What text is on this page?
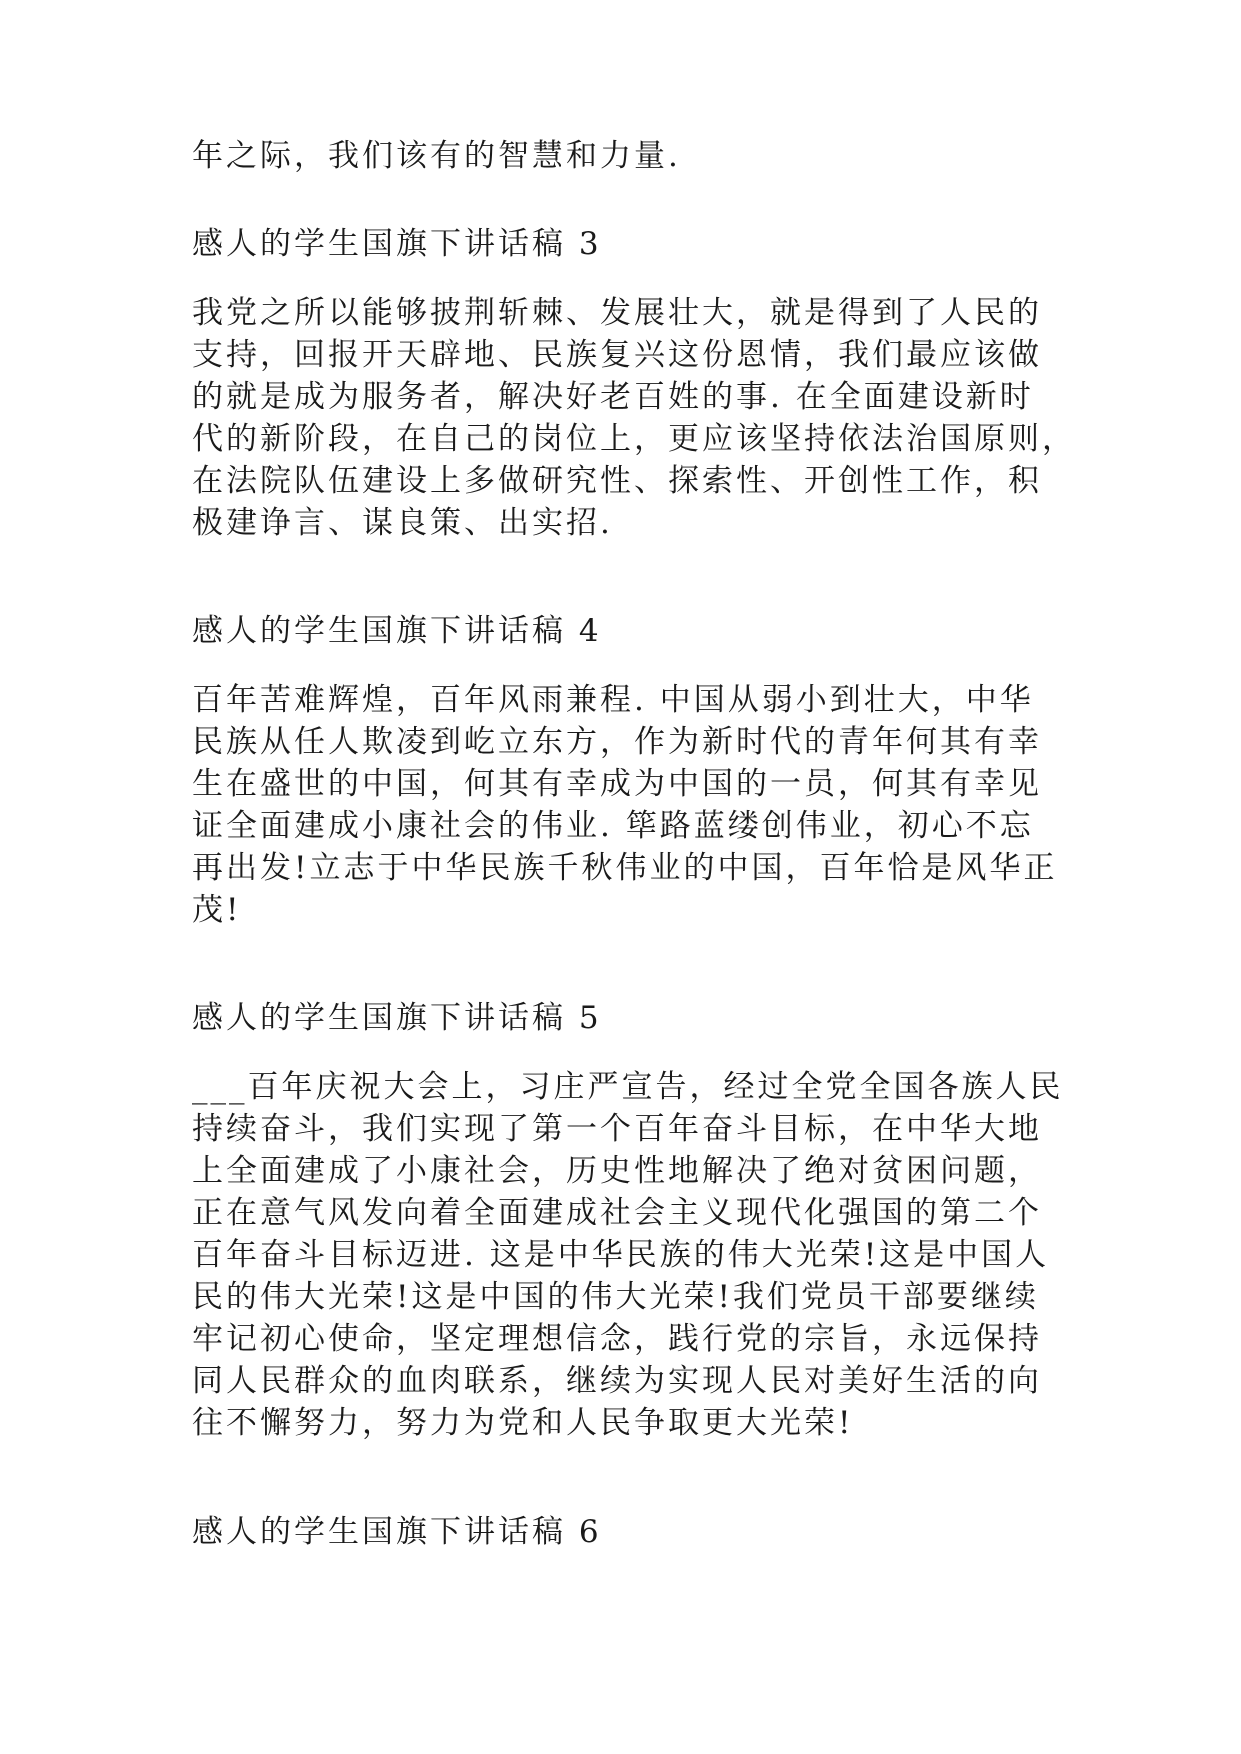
年之际，我们该有的智慧和力量.
感人的学生国旗下讲话稿 3
我党之所以能够披荆斩棘、发展壮大，就是得到了人民的
支持，回报开天辟地、民族复兴这份恩情，我们最应该做
的就是成为服务者，解决好老百姓的事. 在全面建设新时
代的新阶段，在自己的岗位上，更应该坚持依法治国原则，
在法院队伍建设上多做研究性、探索性、开创性工作，积
极建诤言、谋良策、出实招.
感人的学生国旗下讲话稿 4
百年苦难辉煌，百年风雨兼程. 中国从弱小到壮大，中华
民族从任人欺凌到屹立东方，作为新时代的青年何其有幸
生在盛世的中国，何其有幸成为中国的一员，何其有幸见
证全面建成小康社会的伟业. 筚路蓝缕创伟业，初心不忘
再出发!立志于中华民族千秋伟业的中国，百年恰是风华正
茂!
感人的学生国旗下讲话稿 5
___百年庆祝大会上，习庄严宣告，经过全党全国各族人民
持续奋斗，我们实现了第一个百年奋斗目标，在中华大地
上全面建成了小康社会，历史性地解决了绝对贫困问题，
正在意气风发向着全面建成社会主义现代化强国的第二个
百年奋斗目标迈进. 这是中华民族的伟大光荣!这是中国人
民的伟大光荣!这是中国的伟大光荣!我们党员干部要继续
牢记初心使命，坚定理想信念，践行党的宗旨，永远保持
同人民群众的血肉联系，继续为实现人民对美好生活的向
往不懈努力，努力为党和人民争取更大光荣!
感人的学生国旗下讲话稿 6
